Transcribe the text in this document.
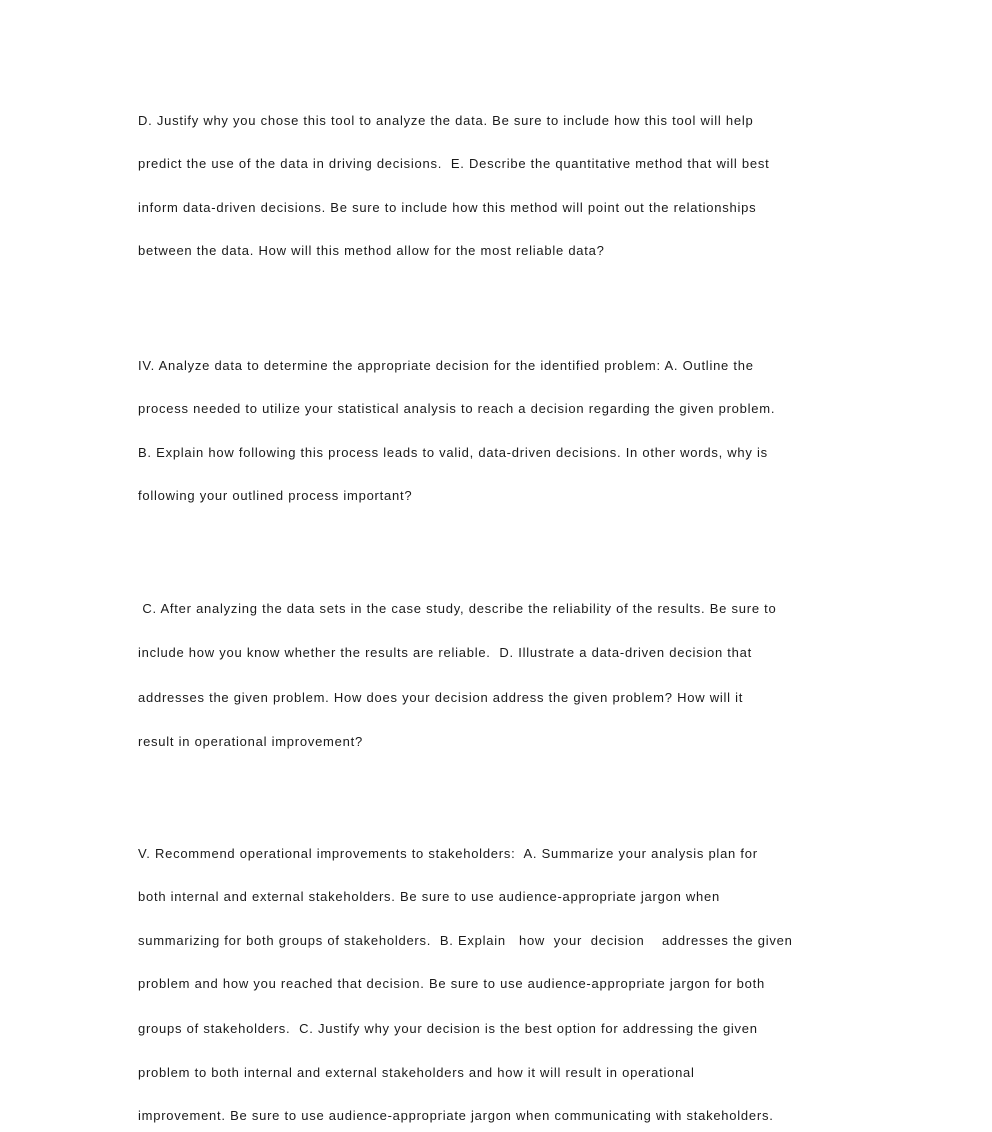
D. Justify why you chose this tool to analyze the data. Be sure to include how this tool will help
predict the use of the data in driving decisions.  E. Describe the quantitative method that will best
inform data-driven decisions. Be sure to include how this method will point out the relationships
between the data. How will this method allow for the most reliable data?
IV. Analyze data to determine the appropriate decision for the identified problem: A. Outline the
process needed to utilize your statistical analysis to reach a decision regarding the given problem.
B. Explain how following this process leads to valid, data-driven decisions. In other words, why is
following your outlined process important?
C. After analyzing the data sets in the case study, describe the reliability of the results. Be sure to
include how you know whether the results are reliable.  D. Illustrate a data-driven decision that
addresses the given problem. How does your decision address the given problem? How will it
result in operational improvement?
V. Recommend operational improvements to stakeholders:  A. Summarize your analysis plan for
both internal and external stakeholders. Be sure to use audience-appropriate jargon when
summarizing for both groups of stakeholders.  B. Explain   how  your  decision    addresses the given
problem and how you reached that decision. Be sure to use audience-appropriate jargon for both
groups of stakeholders.  C. Justify why your decision is the best option for addressing the given
problem to both internal and external stakeholders and how it will result in operational
improvement. Be sure to use audience-appropriate jargon when communicating with stakeholders.
